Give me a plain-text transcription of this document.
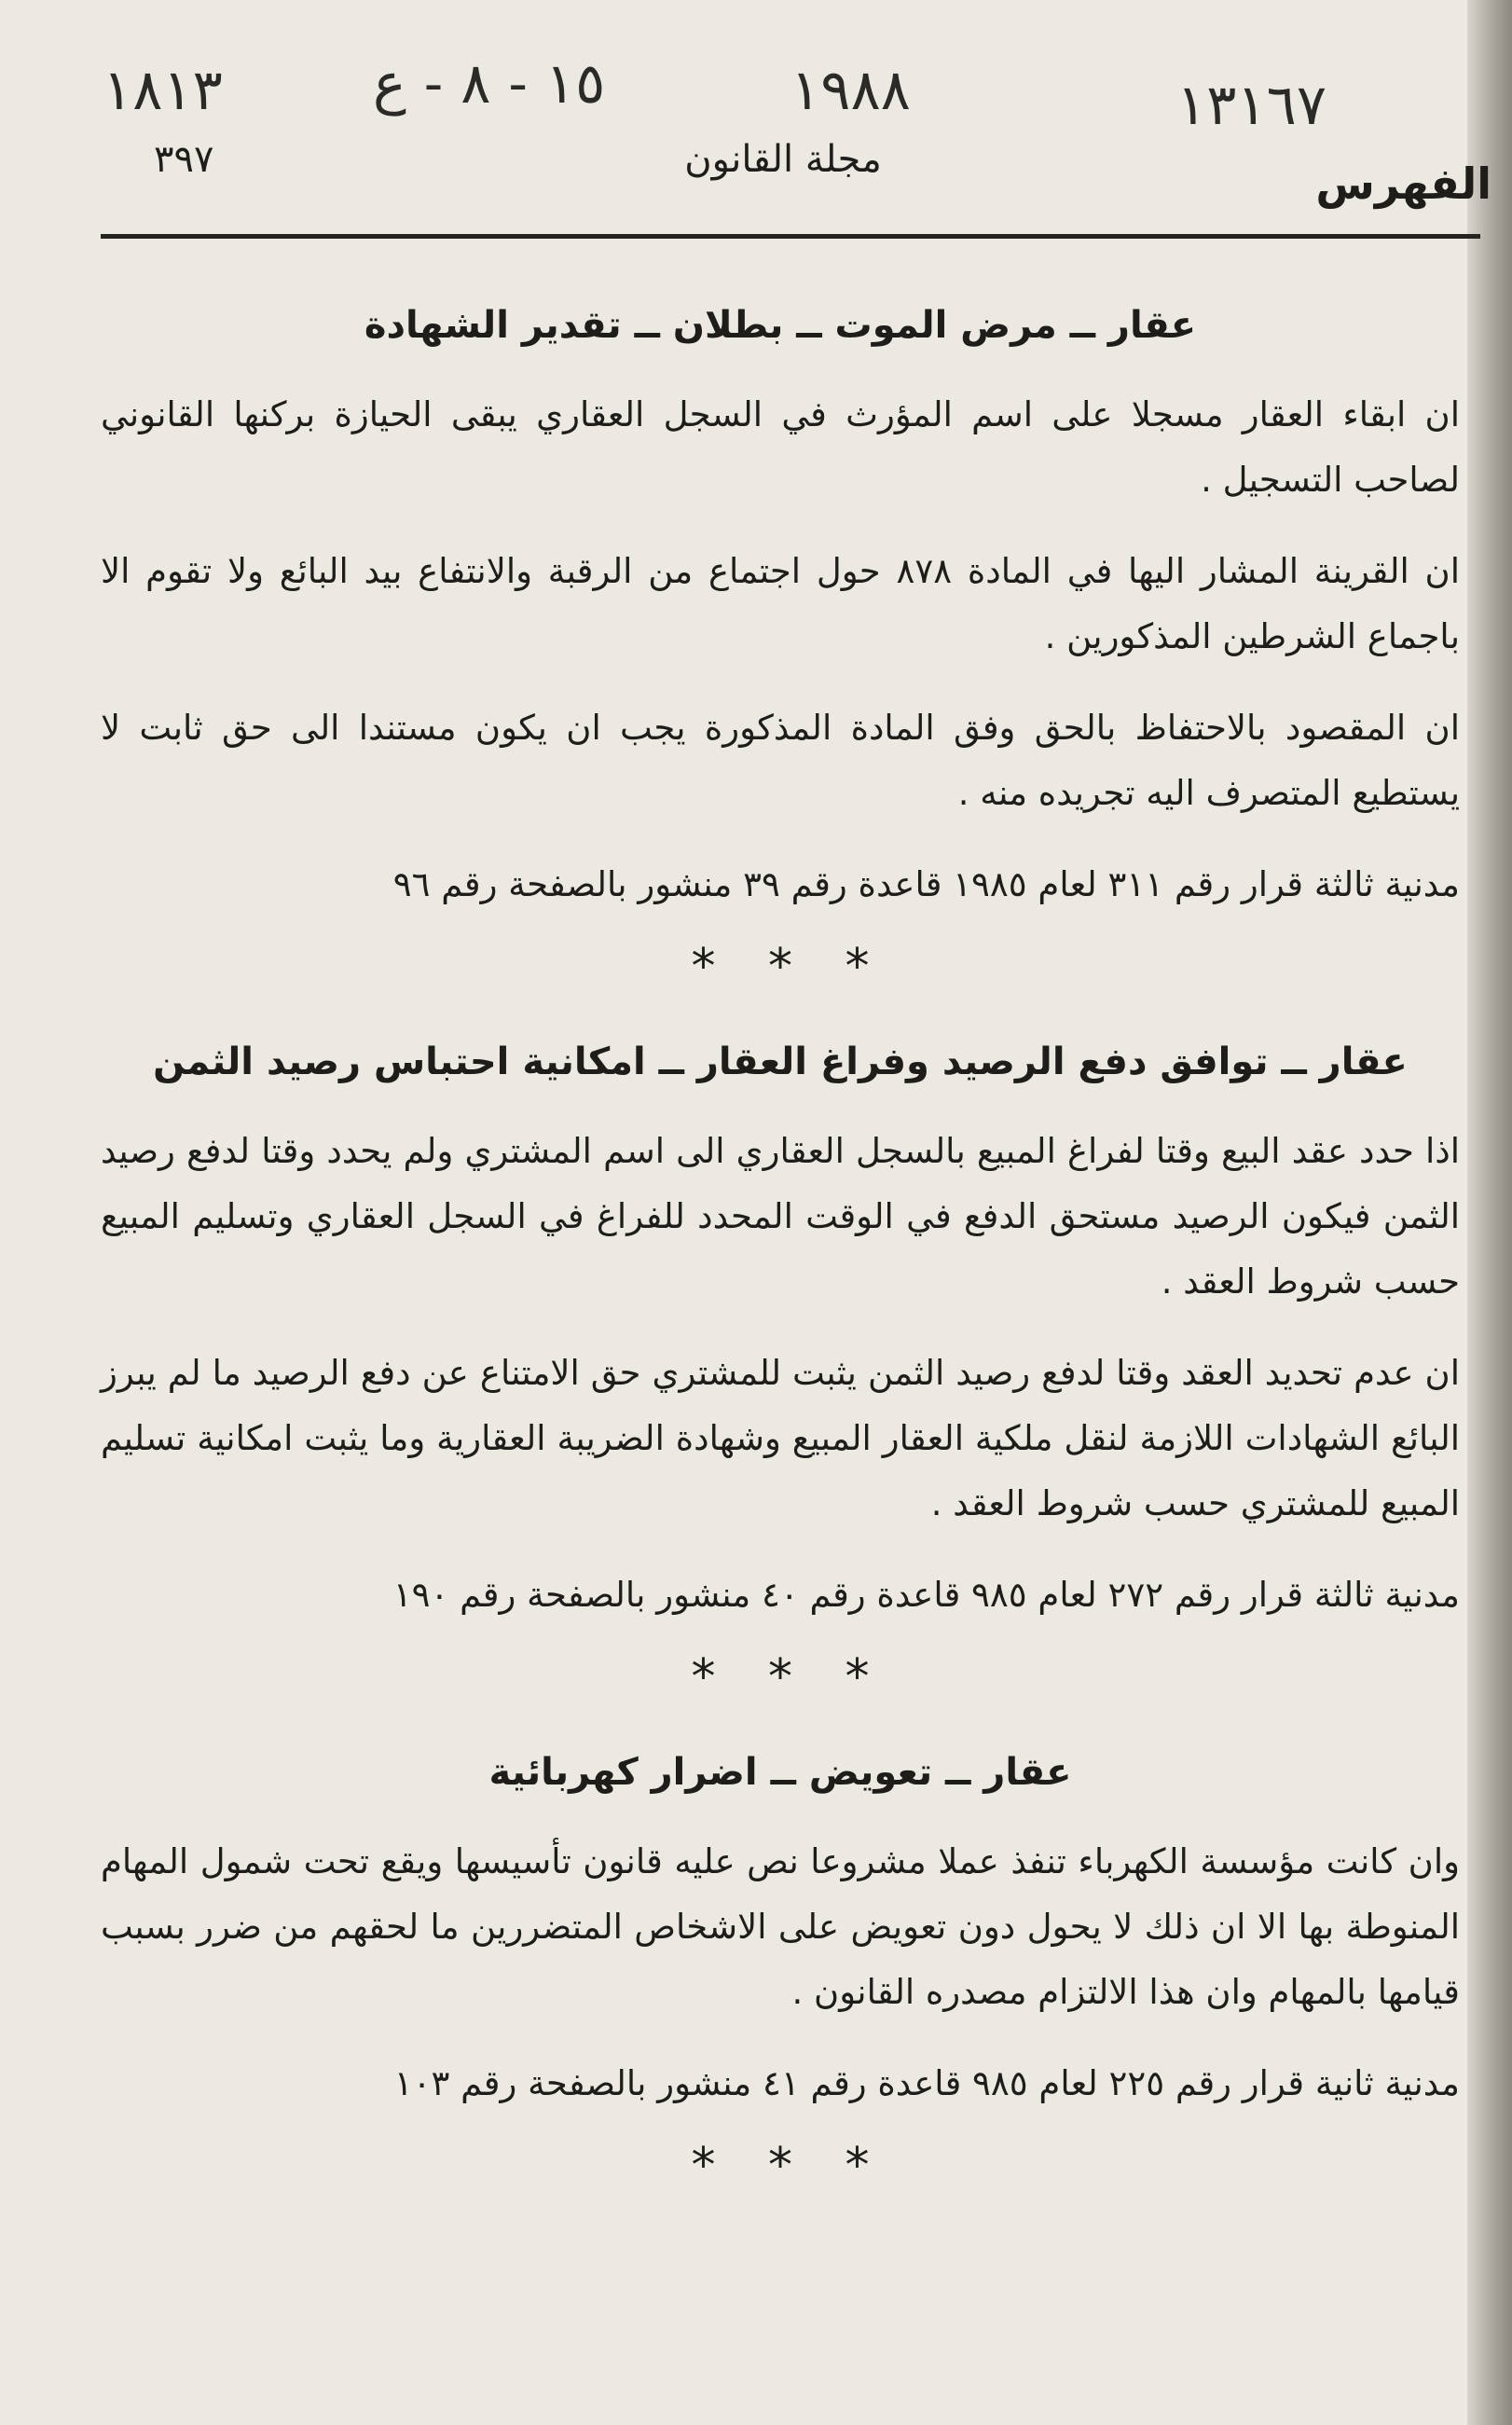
١٨١٣	١٥ - ٨ - ع	١٩٨٨	١٣١٦٧
٣٩٧	مجلة القانون	الفهرس
عقار ــ مرض الموت ــ بطلان ــ تقدير الشهادة

ان ابقاء العقار مسجلا على اسم المؤرث في السجل العقاري يبقى الحيازة بركنها القانوني لصاحب التسجيل .

ان القرينة المشار اليها في المادة ٨٧٨ حول اجتماع من الرقبة والانتفاع بيد البائع ولا تقوم الا باجماع الشرطين المذكورين .

ان المقصود بالاحتفاظ بالحق وفق المادة المذكورة يجب ان يكون مستندا الى حق ثابت لا يستطيع المتصرف اليه تجريده منه .

مدنية ثالثة قرار رقم ٣١١ لعام ١٩٨٥ قاعدة رقم ٣٩ منشور بالصفحة رقم ٩٦

* * *
عقار ــ توافق دفع الرصيد وفراغ العقار ــ امكانية احتباس رصيد الثمن

اذا حدد عقد البيع وقتا لفراغ المبيع بالسجل العقاري الى اسم المشتري ولم يحدد وقتا لدفع رصيد الثمن فيكون الرصيد مستحق الدفع في الوقت المحدد للفراغ في السجل العقاري وتسليم المبيع حسب شروط العقد .

ان عدم تحديد العقد وقتا لدفع رصيد الثمن يثبت للمشتري حق الامتناع عن دفع الرصيد ما لم يبرز البائع الشهادات اللازمة لنقل ملكية العقار المبيع وشهادة الضريبة العقارية وما يثبت امكانية تسليم المبيع للمشتري حسب شروط العقد .

مدنية ثالثة قرار رقم ٢٧٢ لعام ٩٨٥ قاعدة رقم ٤٠ منشور بالصفحة رقم ١٩٠

* * *
عقار ــ تعويض ــ اضرار كهربائية

وان كانت مؤسسة الكهرباء تنفذ عملا مشروعا نص عليه قانون تأسيسها ويقع تحت شمول المهام المنوطة بها الا ان ذلك لا يحول دون تعويض على الاشخاص المتضررين ما لحقهم من ضرر بسبب قيامها بالمهام وان هذا الالتزام مصدره القانون .

مدنية ثانية قرار رقم ٢٢٥ لعام ٩٨٥ قاعدة رقم ٤١ منشور بالصفحة رقم ١٠٣

* * *
